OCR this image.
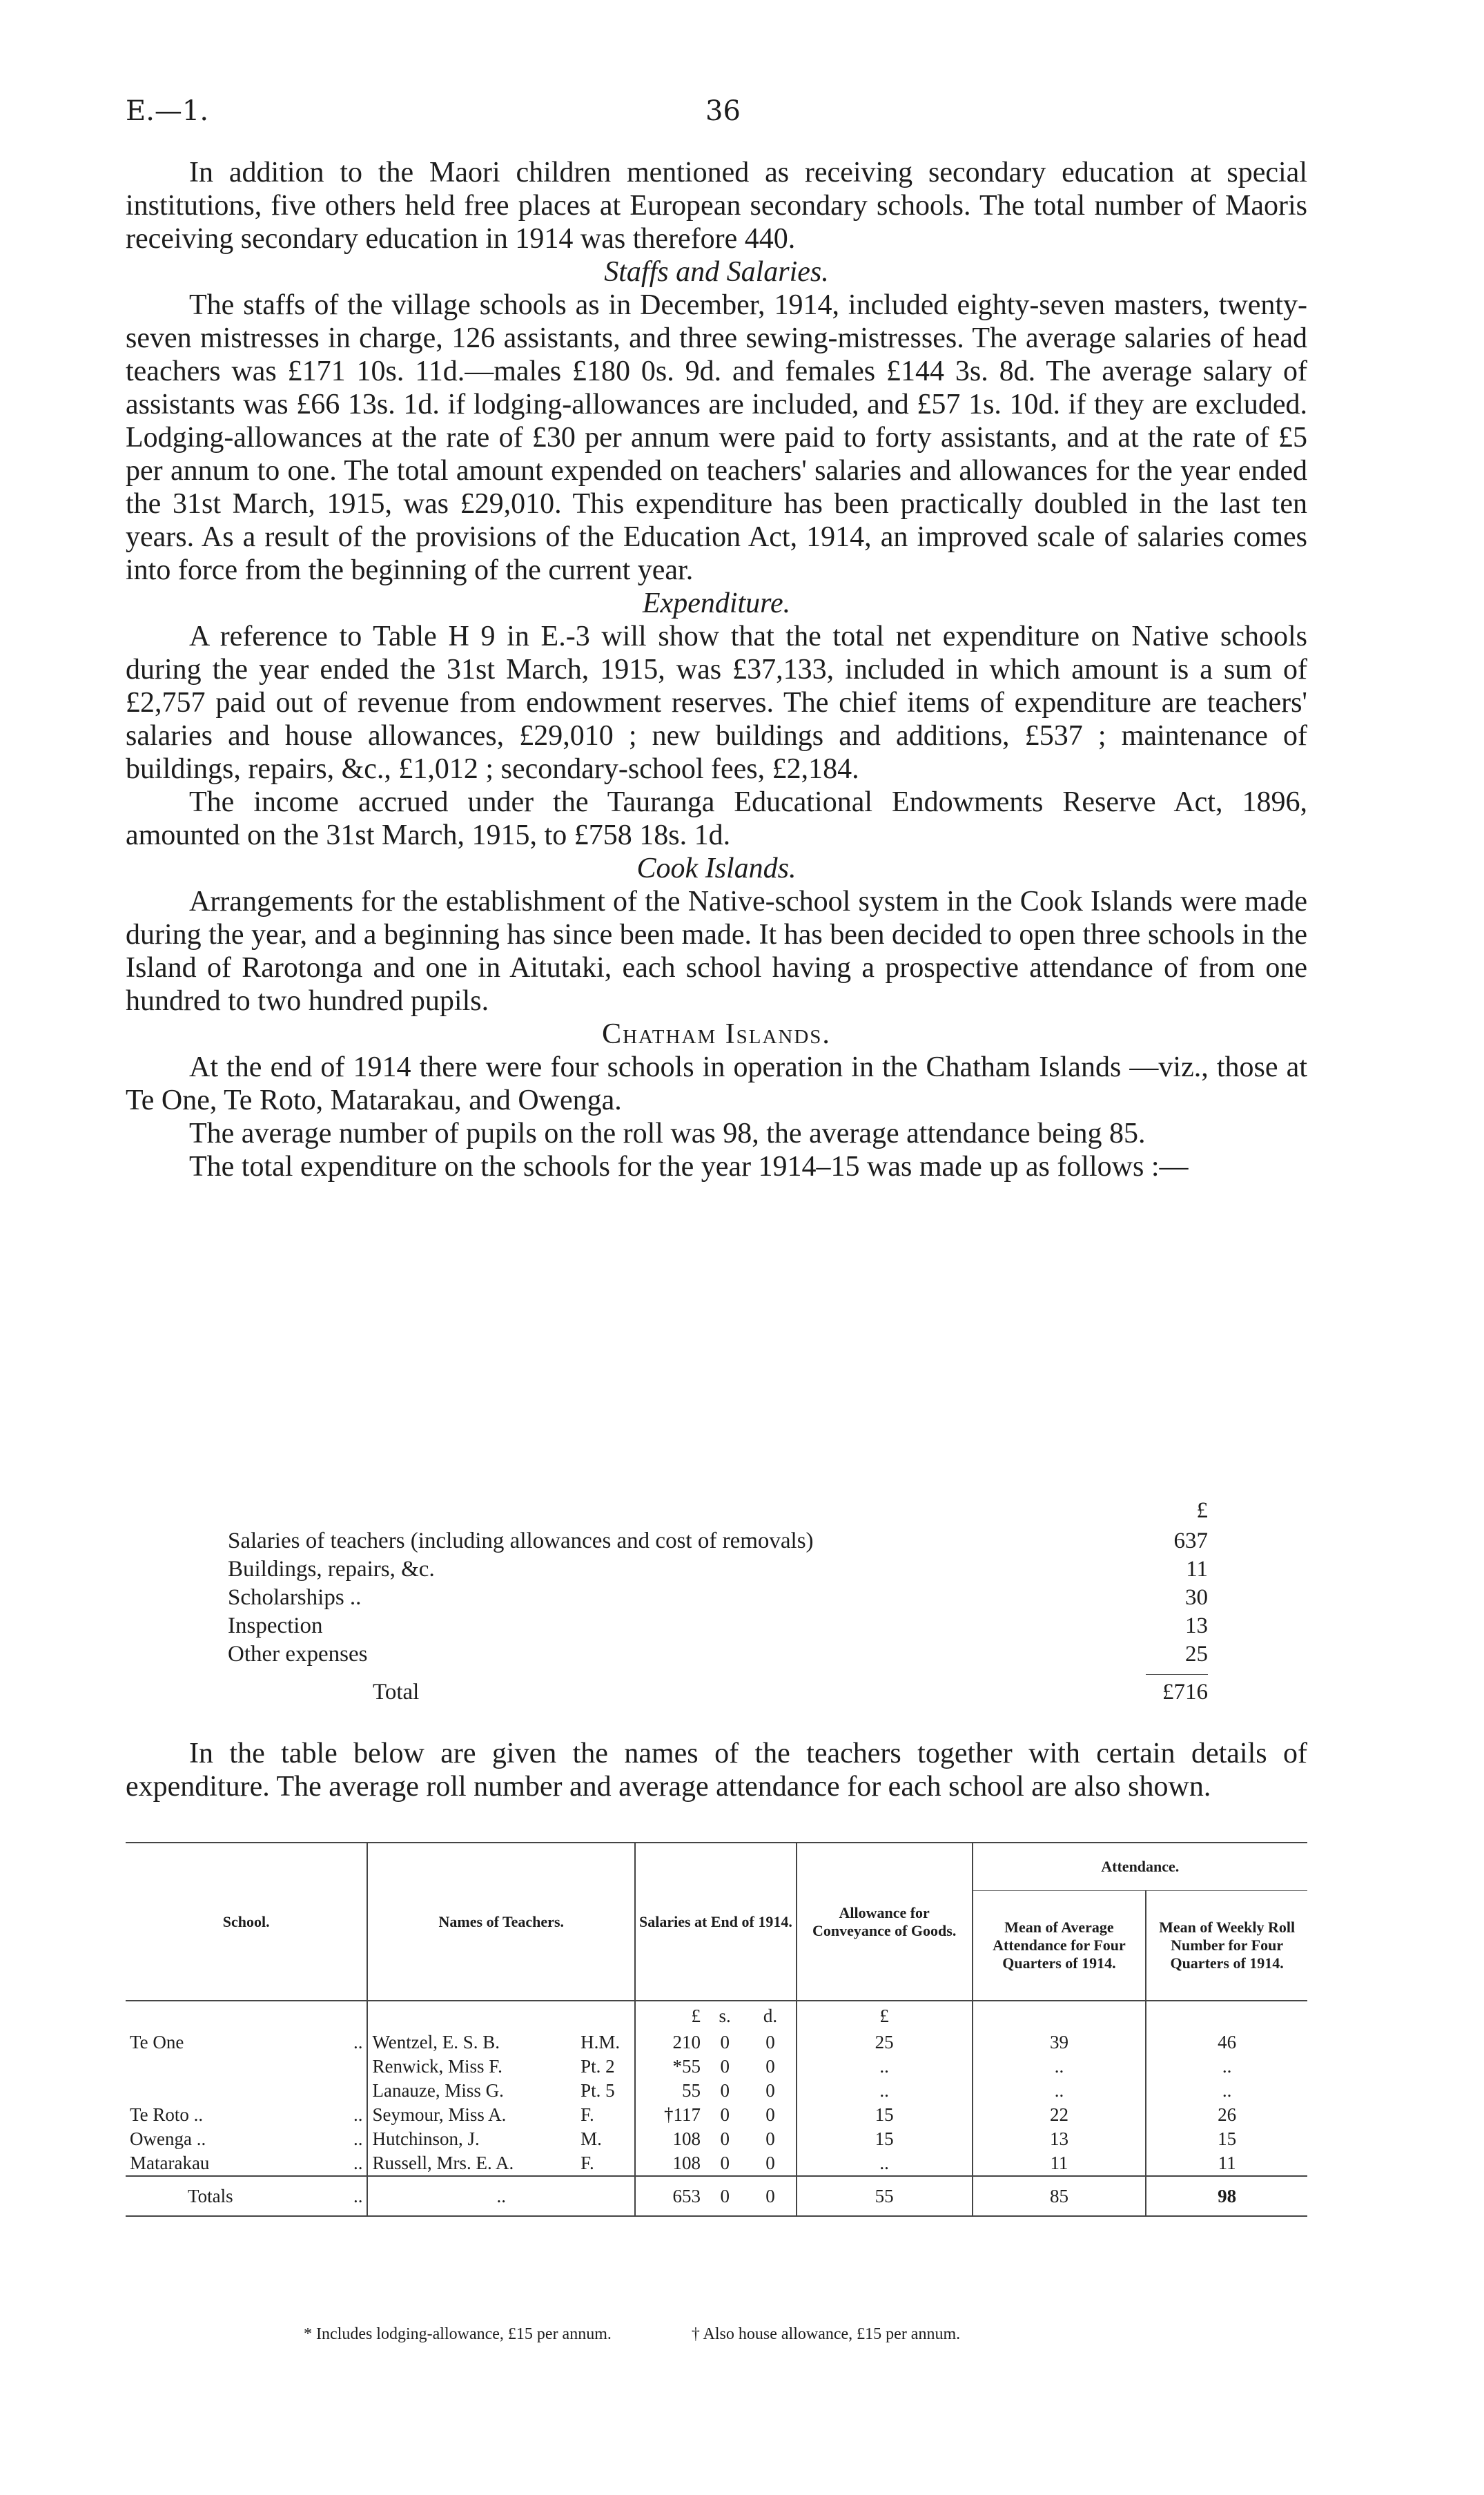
E.—1.	36

In addition to the Maori children mentioned as receiving secondary education at special institutions, five others held free places at European secondary schools. The total number of Maoris receiving secondary education in 1914 was therefore 440.

Staffs and Salaries.

The staffs of the village schools as in December, 1914, included eighty-seven masters, twenty-seven mistresses in charge, 126 assistants, and three sewing-mistresses. The average salaries of head teachers was £171 10s. 11d.—males £180 0s. 9d. and females £144 3s. 8d. The average salary of assistants was £66 13s. 1d. if lodging-allowances are included, and £57 1s. 10d. if they are excluded. Lodging-allowances at the rate of £30 per annum were paid to forty assistants, and at the rate of £5 per annum to one. The total amount expended on teachers' salaries and allowances for the year ended the 31st March, 1915, was £29,010. This expenditure has been practically doubled in the last ten years. As a result of the provisions of the Education Act, 1914, an improved scale of salaries comes into force from the beginning of the current year.

Expenditure.

A reference to Table H 9 in E.-3 will show that the total net expenditure on Native schools during the year ended the 31st March, 1915, was £37,133, included in which amount is a sum of £2,757 paid out of revenue from endowment reserves. The chief items of expenditure are teachers' salaries and house allowances, £29,010 ; new buildings and additions, £537 ; maintenance of buildings, repairs, &c., £1,012 ; secondary-school fees, £2,184.

The income accrued under the Tauranga Educational Endowments Reserve Act, 1896, amounted on the 31st March, 1915, to £758 18s. 1d.

Cook Islands.

Arrangements for the establishment of the Native-school system in the Cook Islands were made during the year, and a beginning has since been made. It has been decided to open three schools in the Island of Rarotonga and one in Aitutaki, each school having a prospective attendance of from one hundred to two hundred pupils.

Chatham Islands.

At the end of 1914 there were four schools in operation in the Chatham Islands —viz., those at Te One, Te Roto, Matarakau, and Owenga.

The average number of pupils on the roll was 98, the average attendance being 85.

The total expenditure on the schools for the year 1914–15 was made up as follows :—

£
Salaries of teachers (including allowances and cost of removals)	637
Buildings, repairs, &c.	11
Scholarships ..	30
Inspection	13
Other expenses	25
Total	£716

In the table below are given the names of the teachers together with certain details of expenditure. The average roll number and average attendance for each school are also shown.

School.	Names of Teachers.		Salaries at End of 1914.			Allowance for Conveyance of Goods.	Attendance.	
							Mean of Average Attendance for Four Quarters of 1914.	Mean of Weekly Roll Number for Four Quarters of 1914.
			£	s.	d.	£		
Te One ..	Wentzel, E. S. B.	H.M.	210	0	0	25	39	46

	Renwick, Miss F.	Pt. 2	*55	0	0	..	..	..

	Lanauze, Miss G.	Pt. 5	55	0	0	..	..	..
Te Roto .. ..	Seymour, Miss A.	F.	†117	0	0	15	22	26
Owenga .. ..	Hutchinson, J.	M.	108	0	0	15	13	15
Matarakau ..	Russell, Mrs. E. A.	F.	108	0	0	..	11	11
Totals ..	..		653	0	0	55	85	98
* Includes lodging-allowance, £15 per annum.	† Also house allowance, £15 per annum.
